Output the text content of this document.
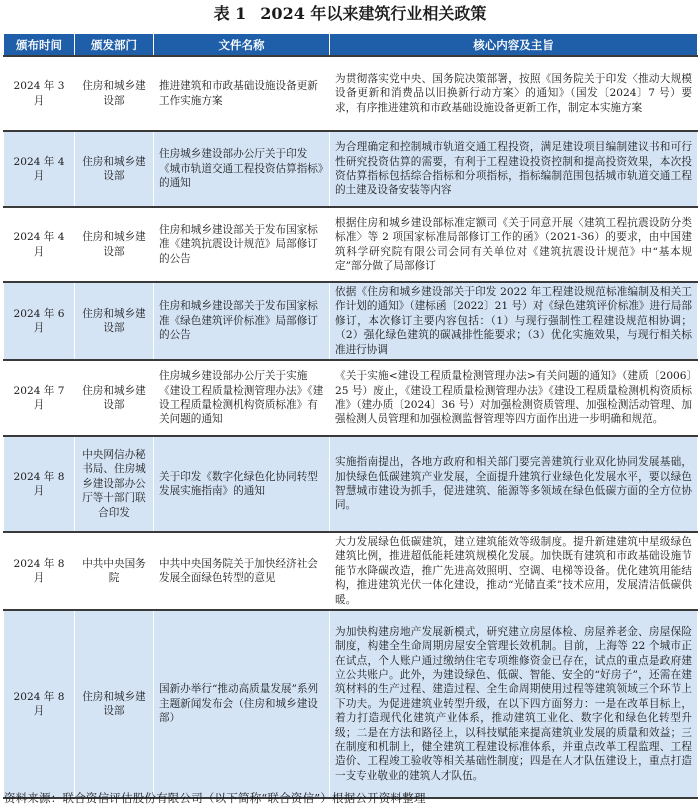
表 1 2024 年以来建筑行业相关政策
颁布时间	颁发部门	文件名称	核心内容及主旨
2024 年 3 月	住房和城乡建设部	推进建筑和市政基础设施设备更新工作实施方案	为贯彻落实党中央、国务院决策部署，按照《国务院关于印发〈推动大规模设备更新和消费品以旧换新行动方案〉的通知》（国发〔2024〕7 号）要求，有序推进建筑和市政基础设施设备更新工作，制定本实施方案
2024 年 4 月	住房和城乡建设部	住房城乡建设部办公厅关于印发《城市轨道交通工程投资估算指标》的通知	为合理确定和控制城市轨道交通工程投资，满足建设项目编制建议书和可行性研究投资估算的需要，有利于工程建设投资控制和提高投资效果，本次投资估算指标包括综合指标和分项指标，指标编制范围包括城市轨道交通工程的土建及设备安装等内容
2024 年 4 月	住房和城乡建设部	住房和城乡建设部关于发布国家标准《建筑抗震设计规范》局部修订的公告	根据住房和城乡建设部标准定额司《关于同意开展〈建筑工程抗震设防分类标准〉等 2 项国家标准局部修订工作的函》（2021-36）的要求，由中国建筑科学研究院有限公司会同有关单位对《建筑抗震设计规范》中“基本规定”部分做了局部修订
2024 年 6 月	住房和城乡建设部	住房和城乡建设部关于发布国家标准《绿色建筑评价标准》局部修订的公告	依据《住房和城乡建设部关于印发 2022 年工程建设规范标准编制及相关工作计划的通知》（建标函〔2022〕21 号）对《绿色建筑评价标准》进行局部修订，本次修订主要内容包括：（1）与现行强制性工程建设规范相协调；（2）强化绿色建筑的碳减排性能要求；（3）优化实施效果，与现行相关标准进行协调
2024 年 7 月	住房和城乡建设部	住房城乡建设部办公厅关于实施《建设工程质量检测管理办法》《建设工程质量检测机构资质标准》有关问题的通知	《关于实施<建设工程质量检测管理办法>有关问题的通知》（建质〔2006〕25 号）废止，《建设工程质量检测管理办法》《建设工程质量检测机构资质标准》（建办质〔2024〕36 号）对加强检测资质管理、加强检测活动管理、加强检测人员管理和加强检测监督管理等四方面作出进一步明确和规范。
2024 年 8 月	中央网信办秘书局、住房城乡建设部办公厅等十部门联合印发	关于印发《数字化绿色化协同转型发展实施指南》的通知	实施指南提出，各地方政府和相关部门要完善建筑行业双化协同发展基础，加快绿色低碳建筑产业发展，全面提升建筑行业绿色化发展水平，要以绿色智慧城市建设为抓手，促进建筑、能源等多领域在绿色低碳方面的全方位协同。
2024 年 8 月	中共中央国务院	中共中央国务院关于加快经济社会发展全面绿色转型的意见	大力发展绿色低碳建筑，建立建筑能效等级制度。提升新建建筑中星级绿色建筑比例，推进超低能耗建筑规模化发展。加快既有建筑和市政基础设施节能节水降碳改造，推广先进高效照明、空调、电梯等设备。优化建筑用能结构，推进建筑光伏一体化建设，推动“光储直柔”技术应用，发展清洁低碳供暖。
2024 年 8 月	住房和城乡建设部	国新办举行“推动高质量发展”系列主题新闻发布会（住房和城乡建设部）	为加快构建房地产发展新模式，研究建立房屋体检、房屋养老金、房屋保险制度，构建全生命周期房屋安全管理长效机制。目前，上海等 22 个城市正在试点，个人账户通过缴纳住宅专项维修资金已存在，试点的重点是政府建立公共账户。此外，为建设绿色、低碳、智能、安全的“好房子”，还需在建筑材料的生产过程、建造过程、全生命周期使用过程等建筑领域三个环节上下功夫。为促进建筑业转型升级，在以下四方面努力：一是在改革目标上，着力打造现代化建筑产业体系，推动建筑工业化、数字化和绿色化转型升级；二是在方法和路径上，以科技赋能来提高建筑业发展的质量和效益；三在制度和机制上，健全建筑工程建设标准体系，并重点改革工程监理、工程造价、工程竣工验收等相关基础性制度；四是在人才队伍建设上，重点打造一支专业敬业的建筑人才队伍。
资料来源：联合资信评估股份有限公司（以下简称“联合资信”）根据公开资料整理
